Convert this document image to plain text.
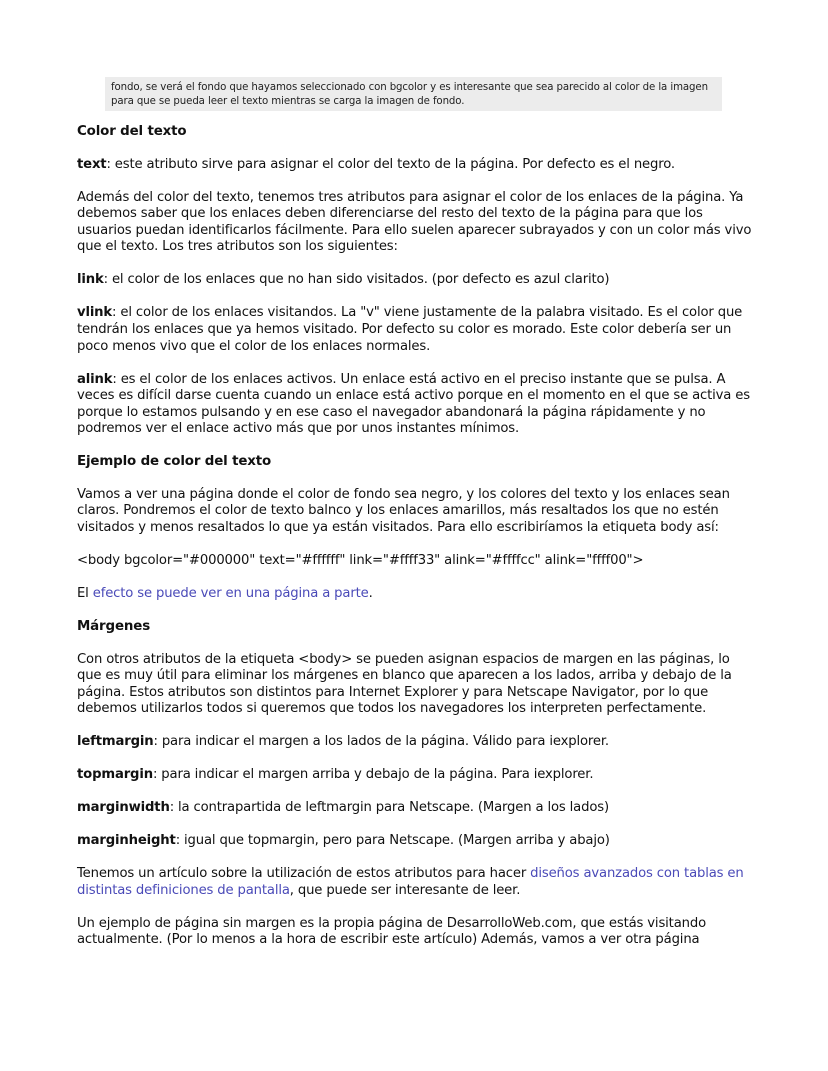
fondo, se verá el fondo que hayamos seleccionado con bgcolor y es interesante que sea parecido al color de la imagen para que se pueda leer el texto mientras se carga la imagen de fondo.
Color del texto

text: este atributo sirve para asignar el color del texto de la página. Por defecto es el negro.

Además del color del texto, tenemos tres atributos para asignar el color de los enlaces de la página. Ya debemos saber que los enlaces deben diferenciarse del resto del texto de la página para que los usuarios puedan identificarlos fácilmente. Para ello suelen aparecer subrayados y con un color más vivo que el texto. Los tres atributos son los siguientes:

link: el color de los enlaces que no han sido visitados. (por defecto es azul clarito)

vlink: el color de los enlaces visitandos. La "v" viene justamente de la palabra visitado. Es el color que tendrán los enlaces que ya hemos visitado. Por defecto su color es morado. Este color debería ser un poco menos vivo que el color de los enlaces normales.

alink: es el color de los enlaces activos. Un enlace está activo en el preciso instante que se pulsa. A veces es difícil darse cuenta cuando un enlace está activo porque en el momento en el que se activa es porque lo estamos pulsando y en ese caso el navegador abandonará la página rápidamente y no podremos ver el enlace activo más que por unos instantes mínimos.

Ejemplo de color del texto

Vamos a ver una página donde el color de fondo sea negro, y los colores del texto y los enlaces sean claros. Pondremos el color de texto balnco y los enlaces amarillos, más resaltados los que no estén visitados y menos resaltados lo que ya están visitados. Para ello escribiríamos la etiqueta body así:

<body bgcolor="#000000" text="#ffffff" link="#ffff33" alink="#ffffcc" alink="ffff00">

El efecto se puede ver en una página a parte.

Márgenes

Con otros atributos de la etiqueta <body> se pueden asignan espacios de margen en las páginas, lo que es muy útil para eliminar los márgenes en blanco que aparecen a los lados, arriba y debajo de la página. Estos atributos son distintos para Internet Explorer y para Netscape Navigator, por lo que debemos utilizarlos todos si queremos que todos los navegadores los interpreten perfectamente.

leftmargin: para indicar el margen a los lados de la página. Válido para iexplorer.

topmargin: para indicar el margen arriba y debajo de la página. Para iexplorer.

marginwidth: la contrapartida de leftmargin para Netscape. (Margen a los lados)

marginheight: igual que topmargin, pero para Netscape. (Margen arriba y abajo)

Tenemos un artículo sobre la utilización de estos atributos para hacer diseños avanzados con tablas en distintas definiciones de pantalla, que puede ser interesante de leer.

Un ejemplo de página sin margen es la propia página de DesarrolloWeb.com, que estás visitando actualmente. (Por lo menos a la hora de escribir este artículo) Además, vamos a ver otra página
